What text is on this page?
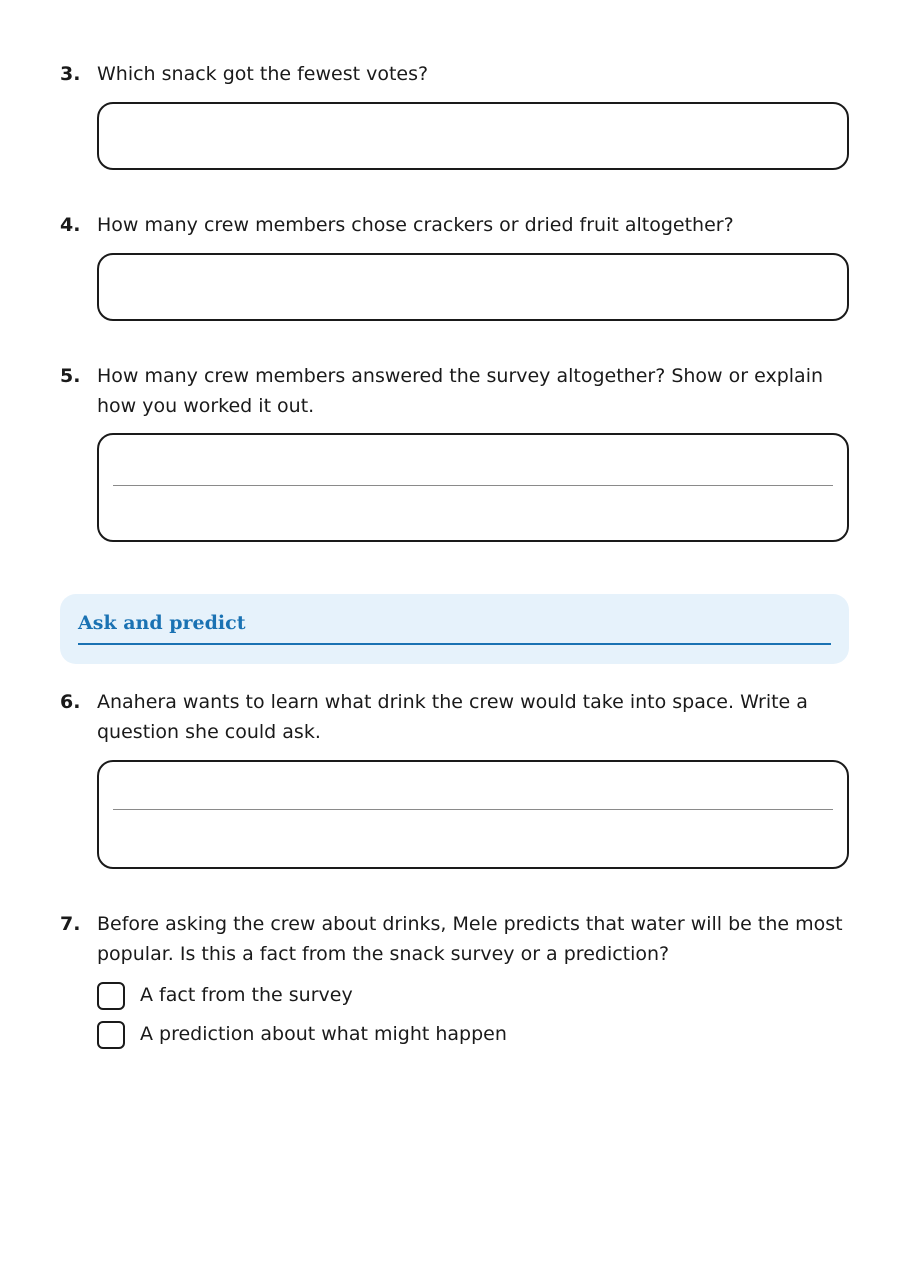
3. Which snack got the fewest votes?
4. How many crew members chose crackers or dried fruit altogether?
5. How many crew members answered the survey altogether? Show or explain how you worked it out.
Ask and predict
6. Anahera wants to learn what drink the crew would take into space. Write a question she could ask.
7. Before asking the crew about drinks, Mele predicts that water will be the most popular. Is this a fact from the snack survey or a prediction?
A fact from the survey
A prediction about what might happen
